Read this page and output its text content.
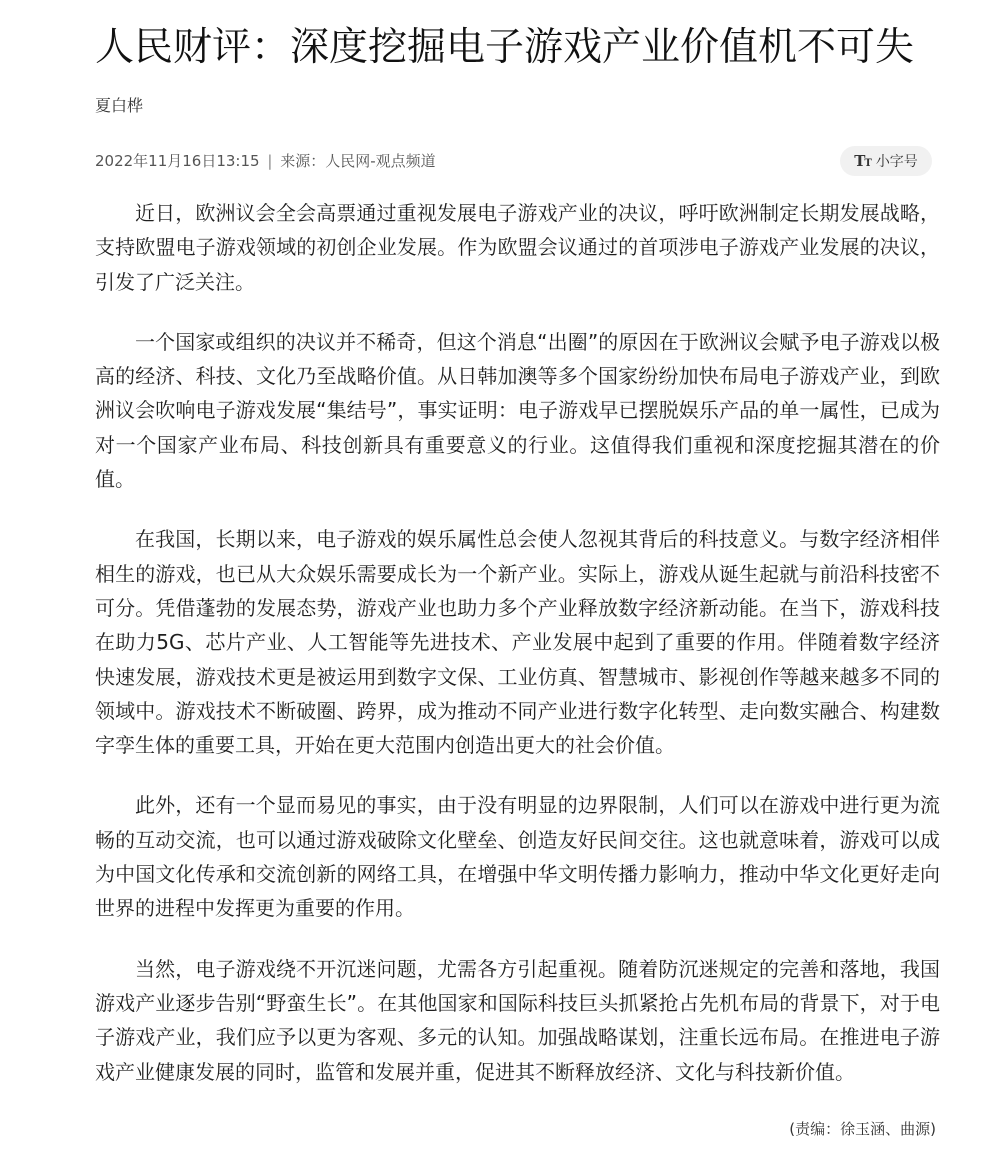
人民财评：深度挖掘电子游戏产业价值机不可失
夏白桦
2022年11月16日13:15 | 来源：人民网-观点频道	TT 小字号

近日，欧洲议会全会高票通过重视发展电子游戏产业的决议，呼吁欧洲制定长期发展战略，支持欧盟电子游戏领域的初创企业发展。作为欧盟会议通过的首项涉电子游戏产业发展的决议，引发了广泛关注。

一个国家或组织的决议并不稀奇，但这个消息“出圈”的原因在于欧洲议会赋予电子游戏以极高的经济、科技、文化乃至战略价值。从日韩加澳等多个国家纷纷加快布局电子游戏产业，到欧洲议会吹响电子游戏发展“集结号”，事实证明：电子游戏早已摆脱娱乐产品的单一属性，已成为对一个国家产业布局、科技创新具有重要意义的行业。这值得我们重视和深度挖掘其潜在的价值。

在我国，长期以来，电子游戏的娱乐属性总会使人忽视其背后的科技意义。与数字经济相伴相生的游戏，也已从大众娱乐需要成长为一个新产业。实际上，游戏从诞生起就与前沿科技密不可分。凭借蓬勃的发展态势，游戏产业也助力多个产业释放数字经济新动能。在当下，游戏科技在助力5G、芯片产业、人工智能等先进技术、产业发展中起到了重要的作用。伴随着数字经济快速发展，游戏技术更是被运用到数字文保、工业仿真、智慧城市、影视创作等越来越多不同的领域中。游戏技术不断破圈、跨界，成为推动不同产业进行数字化转型、走向数实融合、构建数字孪生体的重要工具，开始在更大范围内创造出更大的社会价值。

此外，还有一个显而易见的事实，由于没有明显的边界限制，人们可以在游戏中进行更为流畅的互动交流，也可以通过游戏破除文化壁垒、创造友好民间交往。这也就意味着，游戏可以成为中国文化传承和交流创新的网络工具，在增强中华文明传播力影响力，推动中华文化更好走向世界的进程中发挥更为重要的作用。

当然，电子游戏绕不开沉迷问题，尤需各方引起重视。随着防沉迷规定的完善和落地，我国游戏产业逐步告别“野蛮生长”。在其他国家和国际科技巨头抓紧抢占先机布局的背景下，对于电子游戏产业，我们应予以更为客观、多元的认知。加强战略谋划，注重长远布局。在推进电子游戏产业健康发展的同时，监管和发展并重，促进其不断释放经济、文化与科技新价值。

(责编：徐玉涵、曲源)
